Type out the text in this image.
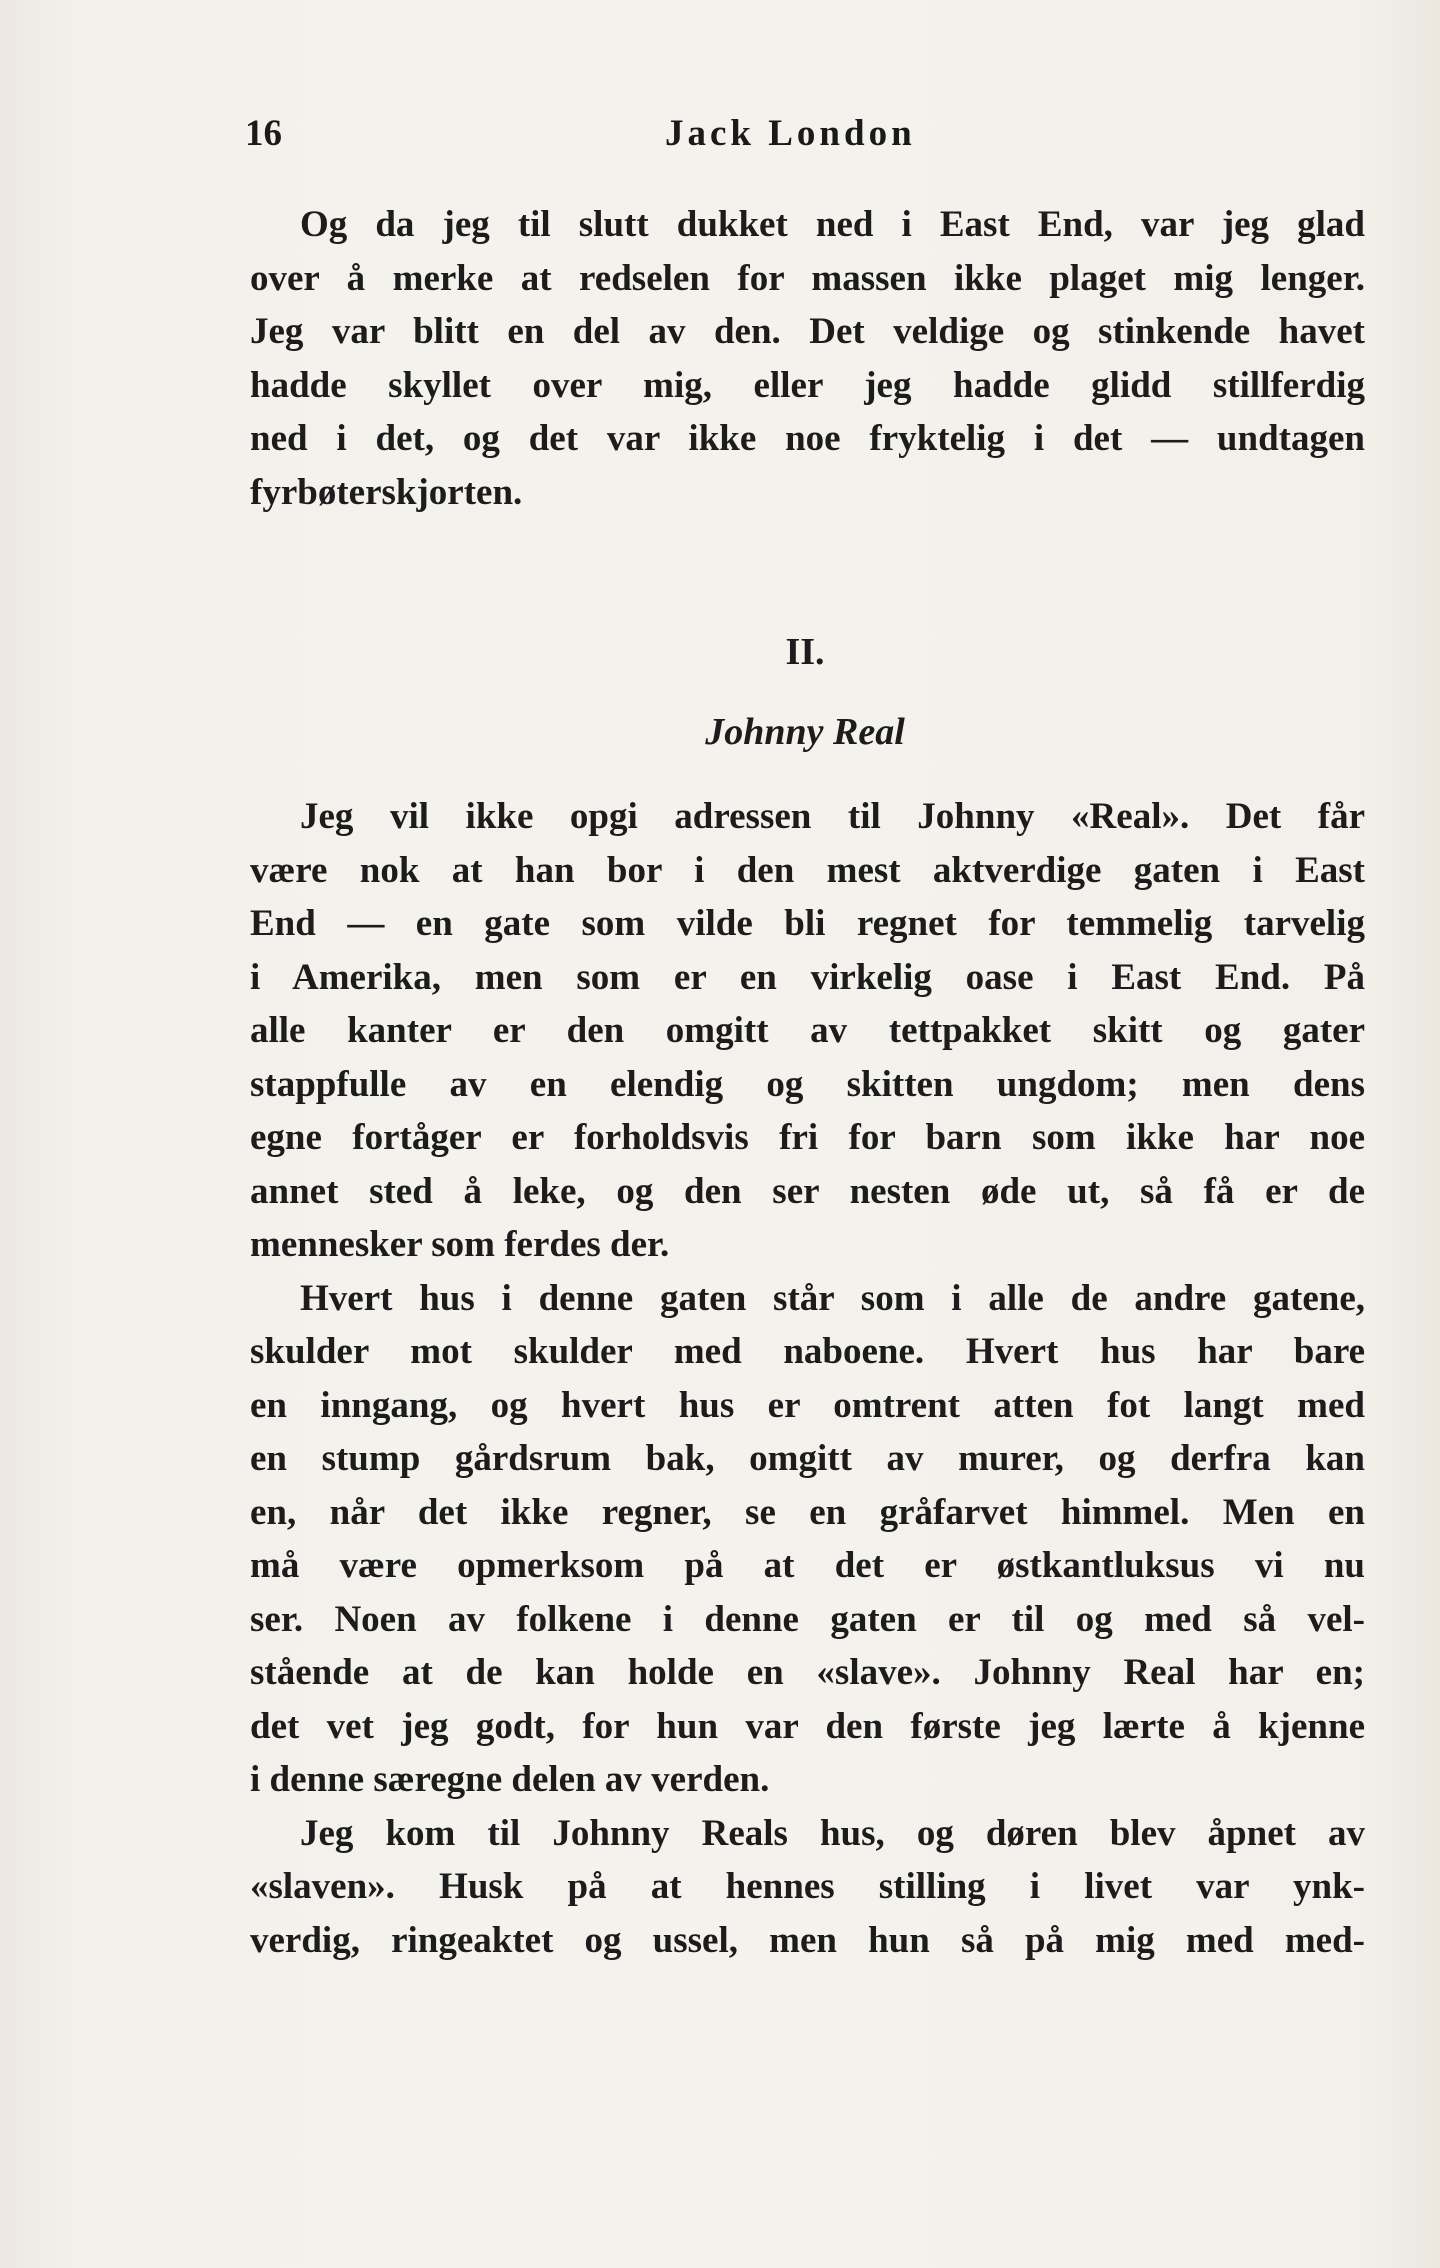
16	Jack London
Og da jeg til slutt dukket ned i East End, var jeg glad
over å merke at redselen for massen ikke plaget mig lenger.
Jeg var blitt en del av den. Det veldige og stinkende havet
hadde skyllet over mig, eller jeg hadde glidd stillferdig
ned i det, og det var ikke noe fryktelig i det — undtagen
fyrbøterskjorten.
II.
Johnny Real
Jeg vil ikke opgi adressen til Johnny «Real». Det får
være nok at han bor i den mest aktverdige gaten i East
End — en gate som vilde bli regnet for temmelig tarvelig
i Amerika, men som er en virkelig oase i East End. På
alle kanter er den omgitt av tettpakket skitt og gater
stappfulle av en elendig og skitten ungdom; men dens
egne fortåger er forholdsvis fri for barn som ikke har noe
annet sted å leke, og den ser nesten øde ut, så få er de
mennesker som ferdes der.
Hvert hus i denne gaten står som i alle de andre gatene,
skulder mot skulder med naboene. Hvert hus har bare
en inngang, og hvert hus er omtrent atten fot langt med
en stump gårdsrum bak, omgitt av murer, og derfra kan
en, når det ikke regner, se en gråfarvet himmel. Men en
må være opmerksom på at det er østkantluksus vi nu
ser. Noen av folkene i denne gaten er til og med så vel-
stående at de kan holde en «slave». Johnny Real har en;
det vet jeg godt, for hun var den første jeg lærte å kjenne
i denne særegne delen av verden.
Jeg kom til Johnny Reals hus, og døren blev åpnet av
«slaven». Husk på at hennes stilling i livet var ynk-
verdig, ringeaktet og ussel, men hun så på mig med med-
